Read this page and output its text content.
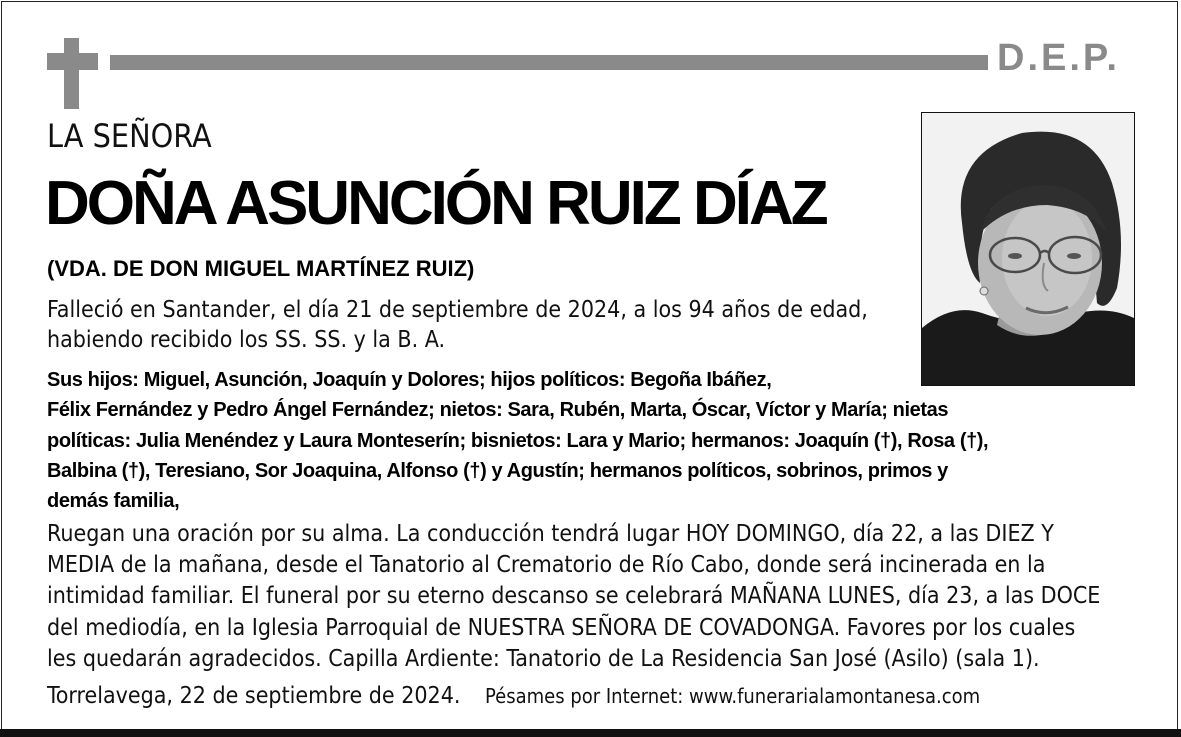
D.E.P.
LA SEÑORA
DOÑA ASUNCIÓN RUIZ DÍAZ
(VDA. DE DON MIGUEL MARTÍNEZ RUIZ)
Falleció en Santander, el día 21 de septiembre de 2024, a los 94 años de edad,
habiendo recibido los SS. SS. y la B. A.
Sus hijos: Miguel, Asunción, Joaquín y Dolores; hijos políticos: Begoña Ibáñez,
Félix Fernández y Pedro Ángel Fernández; nietos: Sara, Rubén, Marta, Óscar, Víctor y María; nietas
políticas: Julia Menéndez y Laura Monteserín; bisnietos: Lara y Mario; hermanos: Joaquín (†), Rosa (†),
Balbina (†), Teresiano, Sor Joaquina, Alfonso (†) y Agustín; hermanos políticos, sobrinos, primos y
demás familia,
Ruegan una oración por su alma. La conducción tendrá lugar HOY DOMINGO, día 22, a las DIEZ Y
MEDIA de la mañana, desde el Tanatorio al Crematorio de Río Cabo, donde será incinerada en la
intimidad familiar. El funeral por su eterno descanso se celebrará MAÑANA LUNES, día 23, a las DOCE
del mediodía, en la Iglesia Parroquial de NUESTRA SEÑORA DE COVADONGA. Favores por los cuales
les quedarán agradecidos. Capilla Ardiente: Tanatorio de La Residencia San José (Asilo) (sala 1).
Torrelavega, 22 de septiembre de 2024. Pésames por Internet: www.funerarialamontanesa.com
